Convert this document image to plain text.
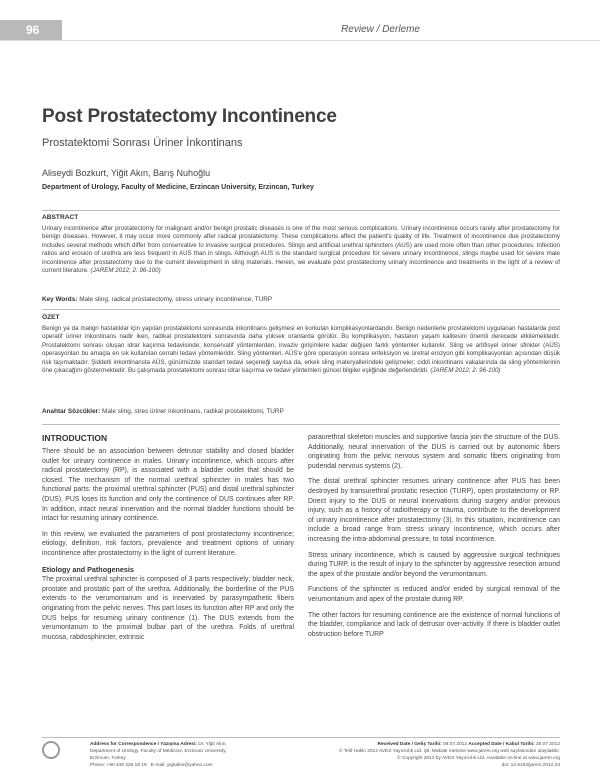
96	Review / Derleme
Post Prostatectomy Incontinence
Prostatektomi Sonrası Üriner İnkontinans
Aliseydi Bozkurt, Yiğit Akın, Barış Nuhoğlu
Department of Urology, Faculty of Medicine, Erzincan University, Erzincan, Turkey
ABSTRACT
Urinary incontinence after prostatectomy for malignant and/or benign prostatic diseases is one of the most serious complications. Urinary incontinence occurs rarely after prostatectomy for benign diseases. However, it may occur more commonly after radical prostatectomy. These complications affect the patient's quality of life. Treatment of incontinence due prostatectomy includes several methods which differ from conservative to invasive surgical procedures. Slings and artificial urethral sphincters (AUS) are used more often than other procedures. Infection ratios and erosion of urethra are less frequent in AUS than in slings. Although AUS is the standard surgical procedure for severe urinary incontinence, slings maybe used for severe male incontinence after prostatectomy due to the current development in sling materials. Herein, we evaluate post prostatectomy urinary incontinence and treatments in the light of a review of current literature. (JAREM 2012; 2: 96-100)
Key Words: Male sling, radical prostatectomy, stress urinary incontinence, TURP
ÖZET
Benign ya da malign hastalıklar için yapılan prostatektomi sonrasında inkontinans gelişmesi en korkulan komplikasyonlardandır. Benign nedenlerle prostatektomi uygulanan hastalarda post operatif üriner inkontinans nadir iken, radikal prostatektomi sonrasında daha yüksek oranlarda görülür. Bu komplikasyon, hastanın yaşam kalitesini önemli derecede etkilemektedir. Prostatektomi sonrası oluşan idrar kaçırma tedavisinde; konservatif yöntemlerden, invaziv girişimlere kadar değişen farklı yöntemler kullanılır. Sling ve artifisyel üriner sfinkter (AÜS) operasyonları bu amaçla en sık kullanılan cerrahi tedavi yöntemleridir. Sling yöntemleri, AÜS'e göre operasyon sonrası enfeksiyon ve üretral erozyon gibi komplikasyonları açısından düşük risk taşımaktadır. Şiddetli inkontinansta AÜS, günümüzde standart tedavi seçeneği sayılsa da, erkek sling materyallerindeki gelişmeler; ciddi inkontinans vakalarında da sling yöntemlerinin öne çıkacağını göstermektedir. Bu çalışmada prostatektomi sonrası idrar kaçırma ve tedavi yöntemleri güncel bilgiler eşliğinde değerlendirildi. (JAREM 2012; 2: 96-100)
Anahtar Sözcükler: Male sling, stres üriner inkontinans, radikal prostatektomi, TURP
INTRODUCTION

There should be an association between detrusor stability and closed bladder outlet for urinary continence in males. Urinary incontinence, which occurs after radical prostatectomy (RP), is associated with a bladder outlet that should be closed. The mechanism of the normal urethral sphincter in males has two functional parts: the proximal urethral sphincter (PUS) and distal urethral sphincter (DUS). PUS loses its function and only the continence of DUS continues after RP. In addition, intact neural innervation and the normal bladder functions should be intact for resuming urinary continence.

In this review, we evaluated the parameters of post prostatectomy incontinence; etiology, definition, risk factors, prevalence and treatment options of urinary incontinence after prostatectomy in the light of current literature.

Etiology and Pathogenesis

The proximal urethral sphincter is composed of 3 parts respectively; bladder neck, prostate and prostatic part of the urethra. Additionally, the borderline of the PUS extends to the verumontanum and is innervated by parasympathetic fibers originating from the pelvic nerves. This part loses its function after RP and only the DUS helps for resuming urinary continence (1). The DUS extends from the verumontanum to the proximal bulbar part of the urethra. Folds of urethral mucosa, rabdosphincter, extrinsic

paraurethral skeleton muscles and supportive fascia join the structure of the DUS. Additionally, neural innervation of the DUS is carried out by autonomic fibers originating from the pelvic nervous system and somatic fibers originating from pudendal nervous systems (2).

The distal urethral sphincter resumes urinary continence after PUS has been destroyed by transurethral prostatic resection (TURP), open prostatectomy or RP. Direct injury to the DUS or neural innervations during surgery and/or previous injury, such as a history of radiotherapy or trauma, contribute to the development of urinary incontinence after prostatectomy (3). In this situation, incontinence can include a broad range from stress urinary incontinence, which occurs after increasing the intra-abdominal pressure, to total incontinence.

Stress urinary incontinence, which is caused by aggressive surgical techniques during TURP, is the result of injury to the sphincter by aggressive resection around the apex of the prostate and/or beyond the verumontanum.

Functions of the sphincter is reduced and/or ended by surgical removal of the verumontanum and apex of the prostate during RP.

The other factors for resuming continence are the existence of normal functions of the bladder, compliance and lack of detrusor over-activity. If there is bladder outlet obstruction before TURP

Address for Correspondence / Yazışma Adresi: Dr. Yiğit Akın,
Department of Urology, Faculty of Medicine, Erzincan University,
Erzincan, Turkey
Phone: +90 446 226 18 18 E-mail: yigitakin@yahoo.com
Received Date / Geliş Tarihi: 08.07.2012 Accepted Date / Kabul Tarihi: 25.07.2012
© Telif Hakkı 2012 AVES Yayıncılık Ltd. Şti. Makale metnine www.jarem.org web sayfasından ulaşılabilir.
© Copyright 2012 by AVES Yayıncılık Ltd. Available on-line at www.jarem.org
doi: 10.5152/jarem.2012.23
